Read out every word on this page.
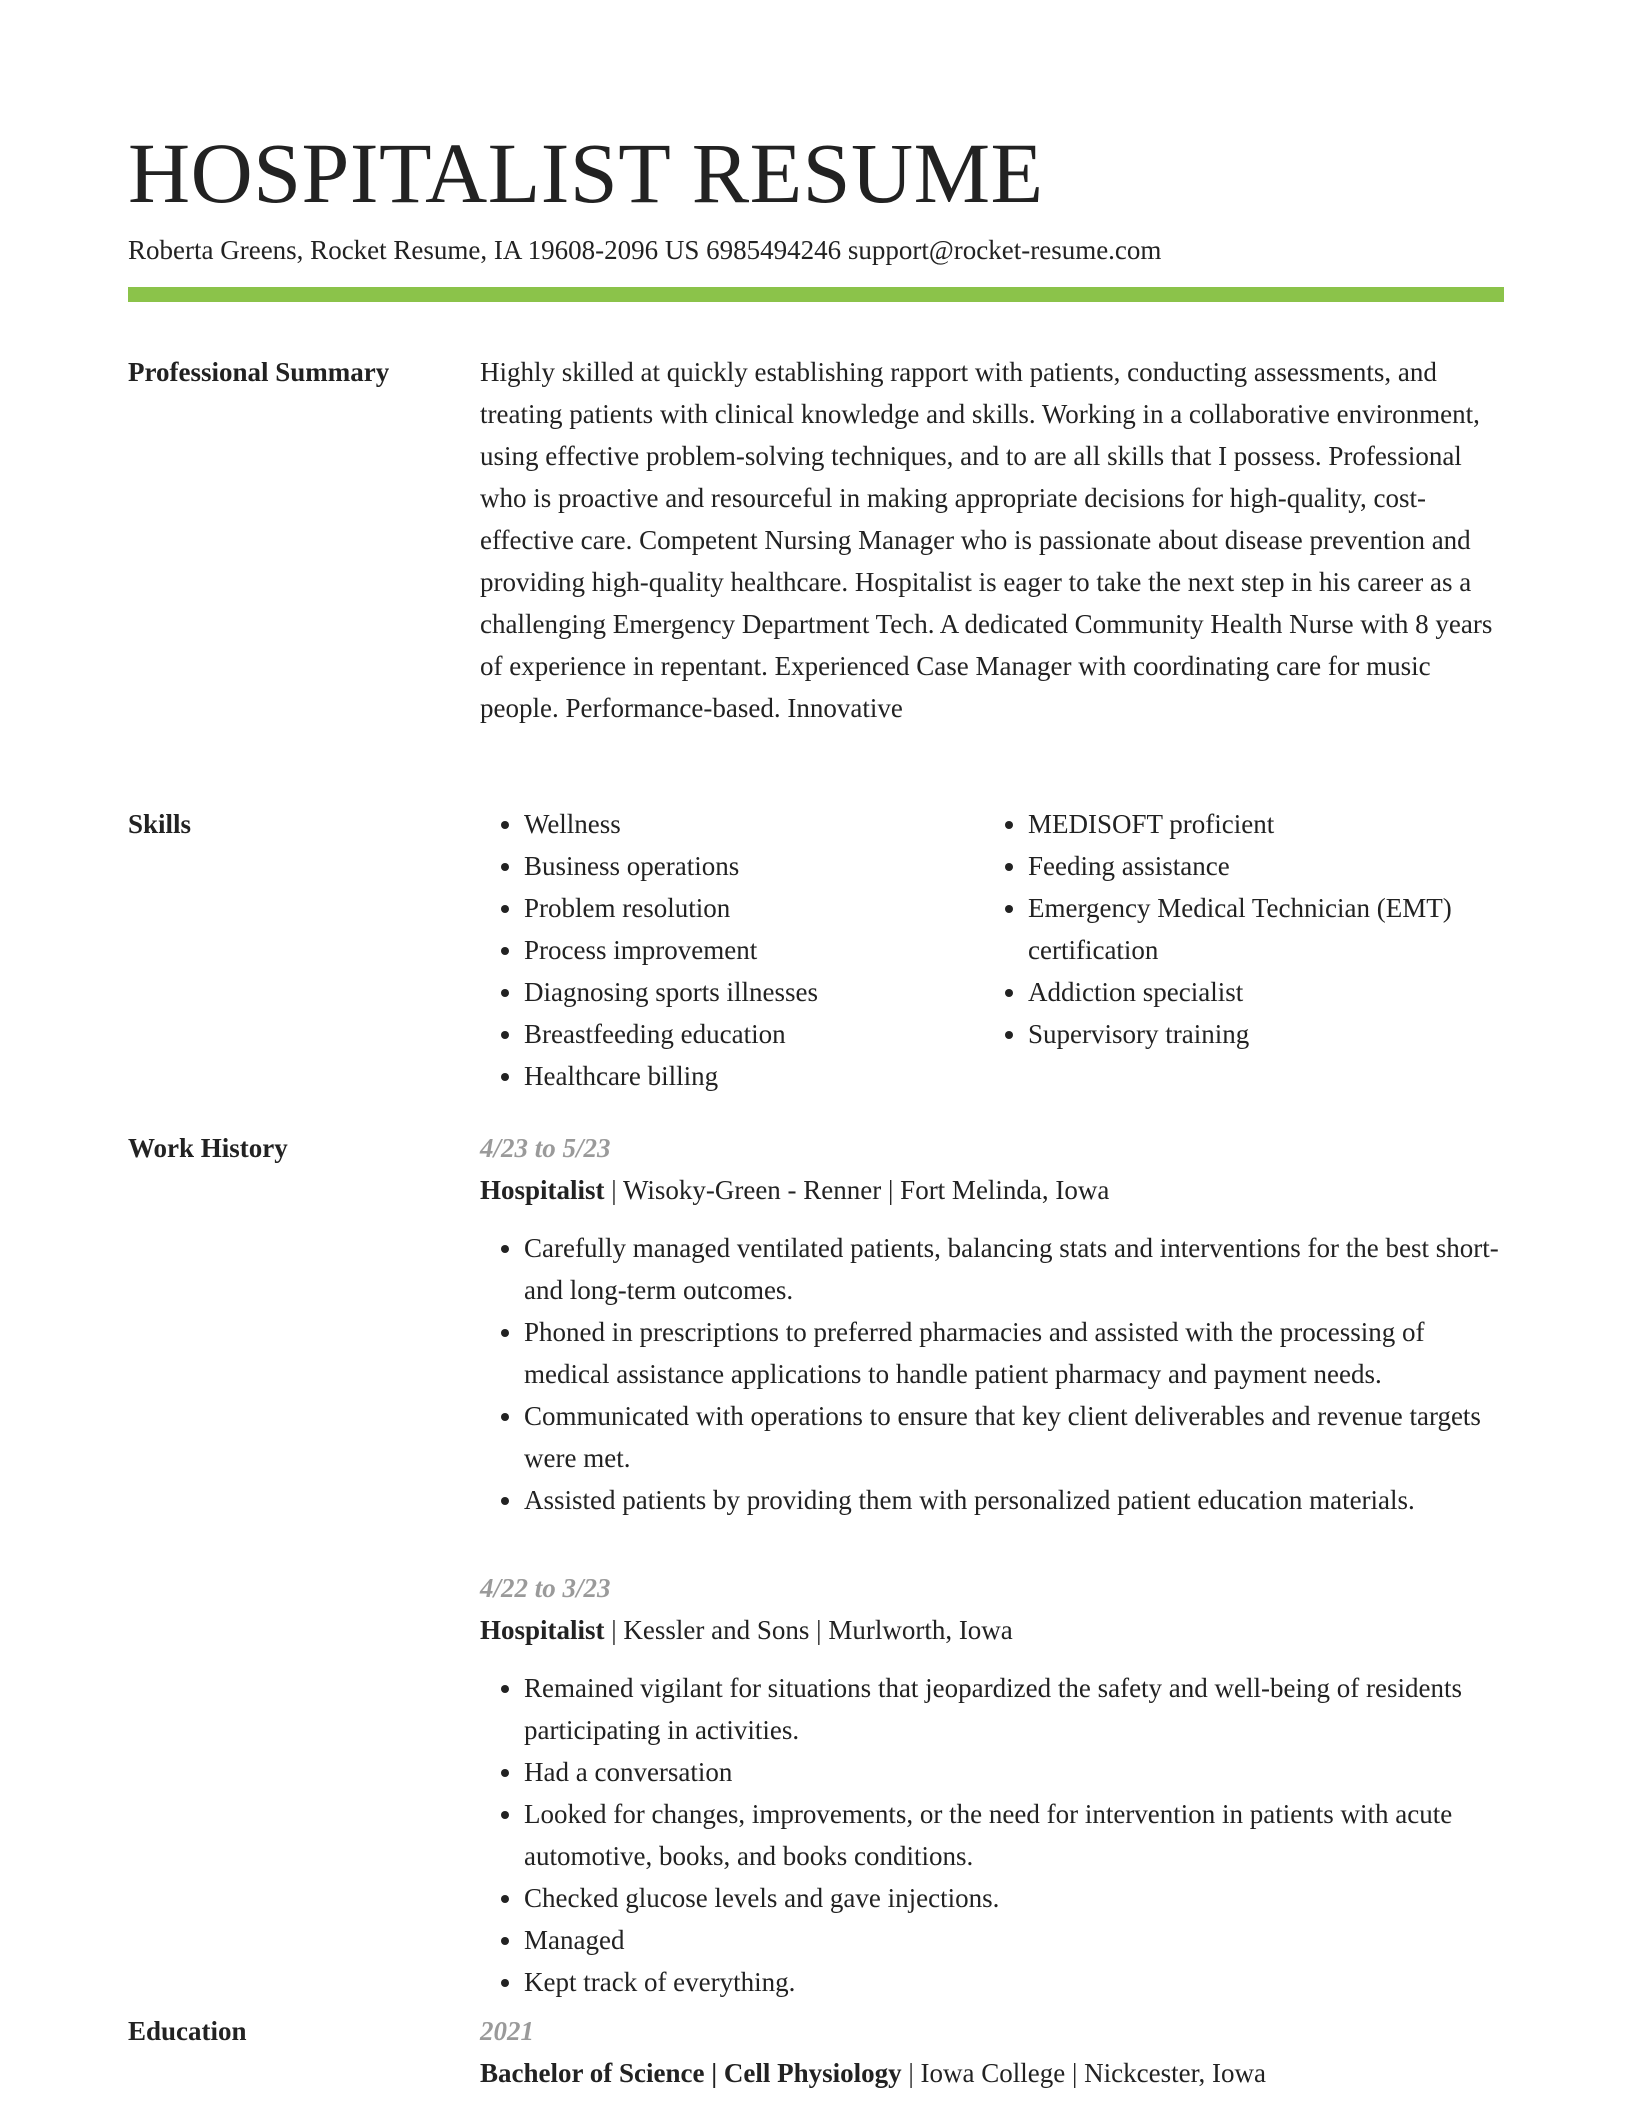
HOSPITALIST RESUME
Roberta Greens, Rocket Resume, IA 19608-2096 US 6985494246 support@rocket-resume.com
Professional Summary	Highly skilled at quickly establishing rapport with patients, conducting assessments, and treating patients with clinical knowledge and skills. Working in a collaborative environment, using effective problem-solving techniques, and to are all skills that I possess. Professional who is proactive and resourceful in making appropriate decisions for high-quality, cost-effective care. Competent Nursing Manager who is passionate about disease prevention and providing high-quality healthcare. Hospitalist is eager to take the next step in his career as a challenging Emergency Department Tech. A dedicated Community Health Nurse with 8 years of experience in repentant. Experienced Case Manager with coordinating care for music people. Performance-based. Innovative

Skills
•	Wellness
• Business operations
• Problem resolution
• Process improvement
• Diagnosing sports illnesses
• Breastfeeding education
• Healthcare billing
• MEDISOFT proficient
• Feeding assistance
• Emergency Medical Technician (EMT) certification
• Addiction specialist
• Supervisory training
Work History	4/23 to 5/23
Hospitalist | Wisoky-Green - Renner | Fort Melinda, Iowa
• Carefully managed ventilated patients, balancing stats and interventions for the best short- and long-term outcomes.
• Phoned in prescriptions to preferred pharmacies and assisted with the processing of medical assistance applications to handle patient pharmacy and payment needs.
• Communicated with operations to ensure that key client deliverables and revenue targets were met.
• Assisted patients by providing them with personalized patient education materials.
4/22 to 3/23
Hospitalist | Kessler and Sons | Murlworth, Iowa
• Remained vigilant for situations that jeopardized the safety and well-being of residents participating in activities.
• Had a conversation
• Looked for changes, improvements, or the need for intervention in patients with acute automotive, books, and books conditions.
• Checked glucose levels and gave injections.
• Managed
• Kept track of everything.
Education	2021
Bachelor of Science | Cell Physiology | Iowa College | Nickcester, Iowa
